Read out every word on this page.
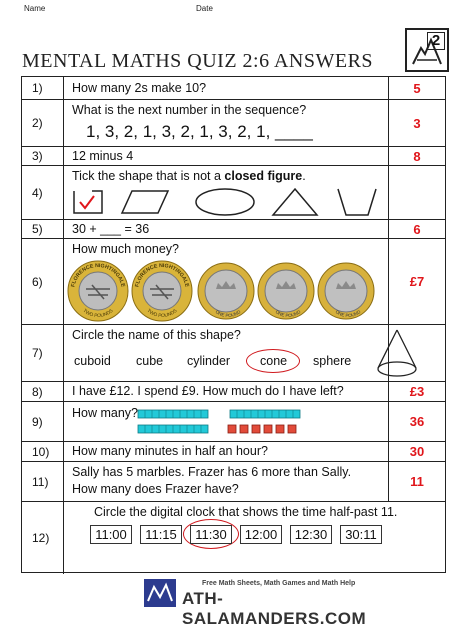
Name	Date
MENTAL MATHS QUIZ 2:6 ANSWERS
2
1)	How many 2s make 10?	5
2)
What is the next number in the sequence?
1, 3, 2, 1, 3, 2, 1, 3, 2, 1, ____	3
3)	12 minus 4	8
4)
Tick the shape that is not a closed figure.
5)	30 + ___ = 36	6
6)
How much money?
FLORENCE NIGHTINGALE
TWO POUNDS
FLORENCE NIGHTINGALE
TWO POUNDS	ONE POUND	ONE POUND	ONE POUND
£7
7)
Circle the name of this shape?
cuboid cube cylinder cone sphere
8)	I have £12. I spend £9. How much do I have left?	£3
9)
How many?
36
10)	How many minutes in half an hour?	30
11)
Sally has 5 marbles. Frazer has 6 more than Sally.
How many does Frazer have?	11
12)
Circle the digital clock that shows the time half-past 11.
11:00	11:15	11:30	12:00	12:30	30:11
Free Math Sheets, Math Games and Math Help
ATH-SALAMANDERS.COM
